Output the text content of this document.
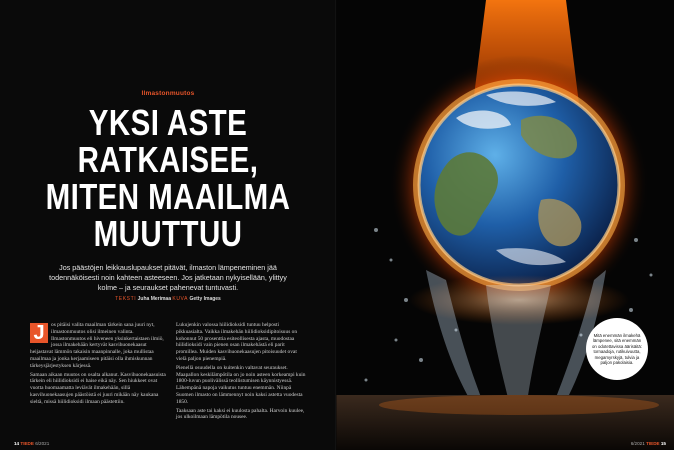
Ilmastonmuutos
YKSI ASTE
RATKAISEE,
MITEN MAAILMA
MUUTTUU

Jos päästöjen leikkauslupaukset pitävät, ilmaston lämpeneminen jää todennäköisesti noin kahteen asteeseen. Jos jatketaan nykyisellään, ylittyy kolme – ja seuraukset pahenevat tuntuvasti.

TEKSTI Juha Merimaa KUVA Getty Images
J	os pitäisi valita maailman tärkein sana juuri nyt, ilmastonmuutos olisi ilmeinen valinta. Ilmastonmuutos eli hiveneen yksinkertaistaen ilmiö, jossa ilmakehään kertyvät kasvihuonekaasut heijastavat lämmön takaisin maanpinnalle, joka mullistaa maailmaa ja jonka kerjaamiseen pitäisi olla ihmiskunnan tärkeysjärjestyksen kärjessä.

Samaan aikaan muutos on osalta alkanut. Kasvihuonekaasuista tärkein eli hiilidioksidi ei haise eikä näy. Sen hiukkeet ovat vuotta huomaamatta leviävät ilmakehään, sillä kasvihuonekaasujen päästöistä ei juuri mikään näy kaukana sieltä, missä hiilidioksidi ilmaan päästettiin.

Lukujenkin valossa hiilidioksidi tuntuu helposti pikkuasialta. Vaikka ilmakehän hiilidioksidipitoisuus on kohonnut 50 prosenttia esiteollisesta ajasta, muodostaa hiilidioksidi vain pienen osan ilmakehästä eli parit promillea. Muiden kasvihuonekaasujen pitoisuudet ovat vielä paljon pienempiä.

Pienellä osuudella on kuitenkin valtavat seuraukset. Maapallon keskilämpötila on jo noin asteen korkeampi kuin 1800-luvun puolivälissä teollistumisen käynnistyessä. Lähempänä napoja vaikutus tuntuu enemmän. Niinpä Suomen ilmasto on lämmennyt noin kaksi astetta vuodesta 1850.

Taaksaan aste tai kaksi ei kuulosta pahalta. Harvoin kuulee, jos ulkoilmaan lämpötila nousee.

14 TIEDE 6/2021
Mitä enemmän ilmakehä lämpenee, sitä enemmän on odotettavissa äärisäitä: tornaadoja, rutikuivuutta, megamyrskyjä, tulvia ja paljon pakolaisia.
6/2021 TIEDE 15
